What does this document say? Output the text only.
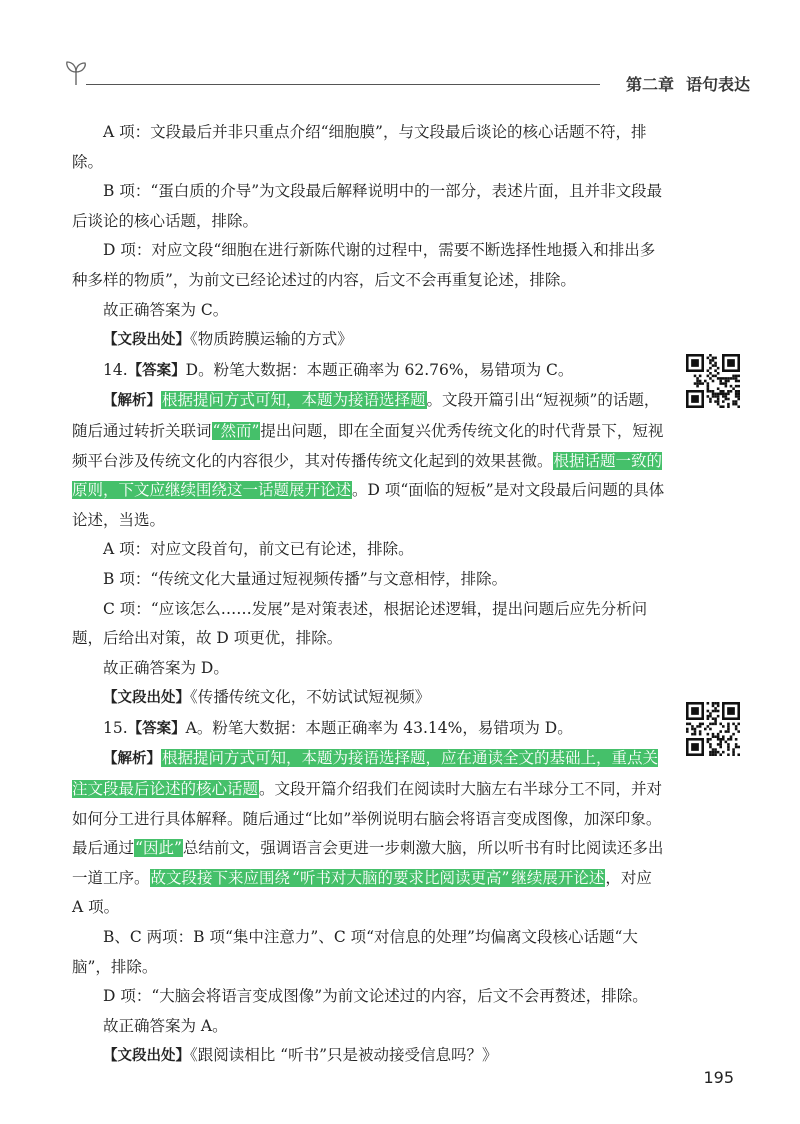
第二章 语句表达

A 项：文段最后并非只重点介绍“细胞膜”，与文段最后谈论的核心话题不符，排除。

B 项：“蛋白质的介导”为文段最后解释说明中的一部分，表述片面，且并非文段最后谈论的核心话题，排除。

D 项：对应文段“细胞在进行新陈代谢的过程中，需要不断选择性地摄入和排出多种多样的物质”，为前文已经论述过的内容，后文不会再重复论述，排除。

故正确答案为 C。

【文段出处】《物质跨膜运输的方式》

14.【答案】D。粉笔大数据：本题正确率为 62.76%，易错项为 C。

【解析】根据提问方式可知，本题为接语选择题。文段开篇引出“短视频”的话题，随后通过转折关联词“然而”提出问题，即在全面复兴优秀传统文化的时代背景下，短视频平台涉及传统文化的内容很少，其对传播传统文化起到的效果甚微。根据话题一致的原则，下文应继续围绕这一话题展开论述。D 项“面临的短板”是对文段最后问题的具体论述，当选。

A 项：对应文段首句，前文已有论述，排除。

B 项：“传统文化大量通过短视频传播”与文意相悖，排除。

C 项：“应该怎么……发展”是对策表述，根据论述逻辑，提出问题后应先分析问题，后给出对策，故 D 项更优，排除。

故正确答案为 D。

【文段出处】《传播传统文化，不妨试试短视频》

15.【答案】A。粉笔大数据：本题正确率为 43.14%，易错项为 D。

【解析】根据提问方式可知，本题为接语选择题，应在通读全文的基础上，重点关注文段最后论述的核心话题。文段开篇介绍我们在阅读时大脑左右半球分工不同，并对如何分工进行具体解释。随后通过“比如”举例说明右脑会将语言变成图像，加深印象。最后通过“因此”总结前文，强调语言会更进一步刺激大脑，所以听书有时比阅读还多出一道工序。故文段接下来应围绕 “听书对大脑的要求比阅读更高” 继续展开论述，对应 A 项。

B、C 两项：B 项“集中注意力”、C 项“对信息的处理”均偏离文段核心话题“大脑”，排除。

D 项：“大脑会将语言变成图像”为前文论述过的内容，后文不会再赘述，排除。

故正确答案为 A。

【文段出处】《跟阅读相比 “听书”只是被动接受信息吗？》

195
